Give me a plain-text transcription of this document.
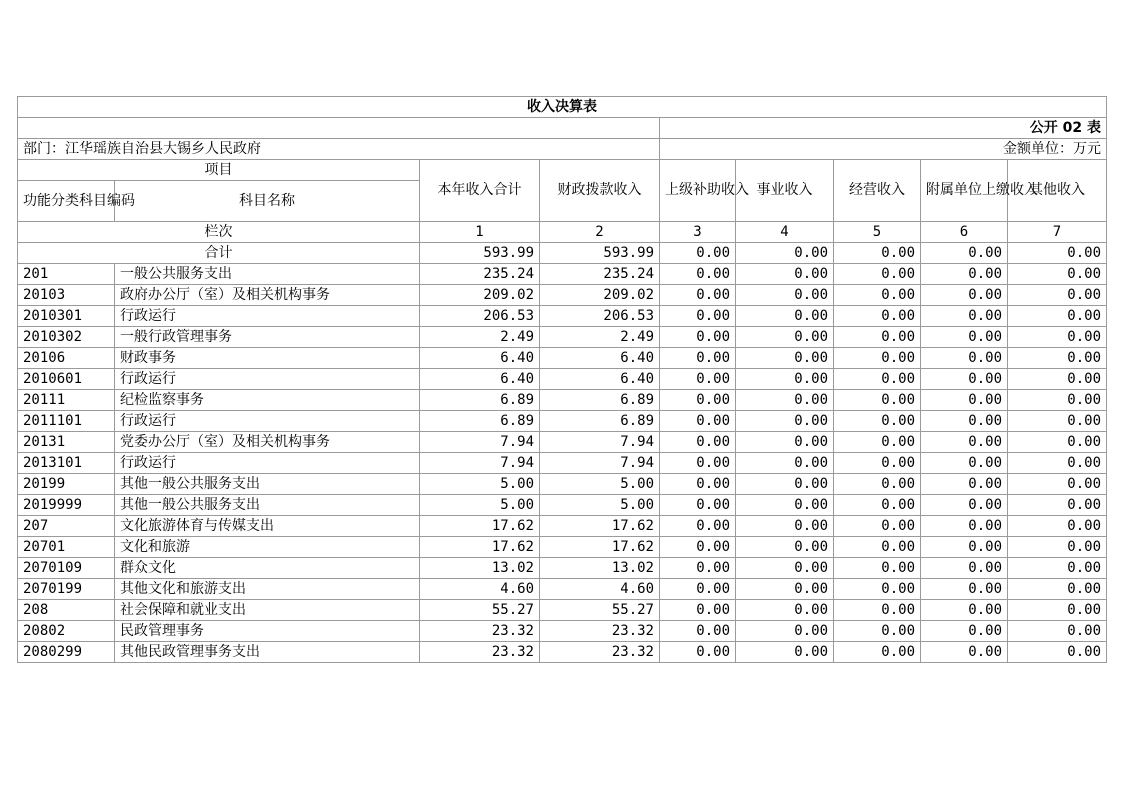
收入决算表								
				公开 02 表				
部门：江华瑶族自治县大锡乡人民政府				金额单位：万元				
项目		本年收入合计	财政拨款收入	上级补助收入	事业收入	经营收入	附属单位上缴收入	其他收入
功能分类科目编码	科目名称							
栏次		1	2	3	4	5	6	7
合计		593.99	593.99	0.00	0.00	0.00	0.00	0.00
201	一般公共服务支出	235.24	235.24	0.00	0.00	0.00	0.00	0.00
20103	政府办公厅（室）及相关机构事务	209.02	209.02	0.00	0.00	0.00	0.00	0.00
2010301	行政运行	206.53	206.53	0.00	0.00	0.00	0.00	0.00
2010302	一般行政管理事务	2.49	2.49	0.00	0.00	0.00	0.00	0.00
20106	财政事务	6.40	6.40	0.00	0.00	0.00	0.00	0.00
2010601	行政运行	6.40	6.40	0.00	0.00	0.00	0.00	0.00
20111	纪检监察事务	6.89	6.89	0.00	0.00	0.00	0.00	0.00
2011101	行政运行	6.89	6.89	0.00	0.00	0.00	0.00	0.00
20131	党委办公厅（室）及相关机构事务	7.94	7.94	0.00	0.00	0.00	0.00	0.00
2013101	行政运行	7.94	7.94	0.00	0.00	0.00	0.00	0.00
20199	其他一般公共服务支出	5.00	5.00	0.00	0.00	0.00	0.00	0.00
2019999	其他一般公共服务支出	5.00	5.00	0.00	0.00	0.00	0.00	0.00
207	文化旅游体育与传媒支出	17.62	17.62	0.00	0.00	0.00	0.00	0.00
20701	文化和旅游	17.62	17.62	0.00	0.00	0.00	0.00	0.00
2070109	群众文化	13.02	13.02	0.00	0.00	0.00	0.00	0.00
2070199	其他文化和旅游支出	4.60	4.60	0.00	0.00	0.00	0.00	0.00
208	社会保障和就业支出	55.27	55.27	0.00	0.00	0.00	0.00	0.00
20802	民政管理事务	23.32	23.32	0.00	0.00	0.00	0.00	0.00
2080299	其他民政管理事务支出	23.32	23.32	0.00	0.00	0.00	0.00	0.00
